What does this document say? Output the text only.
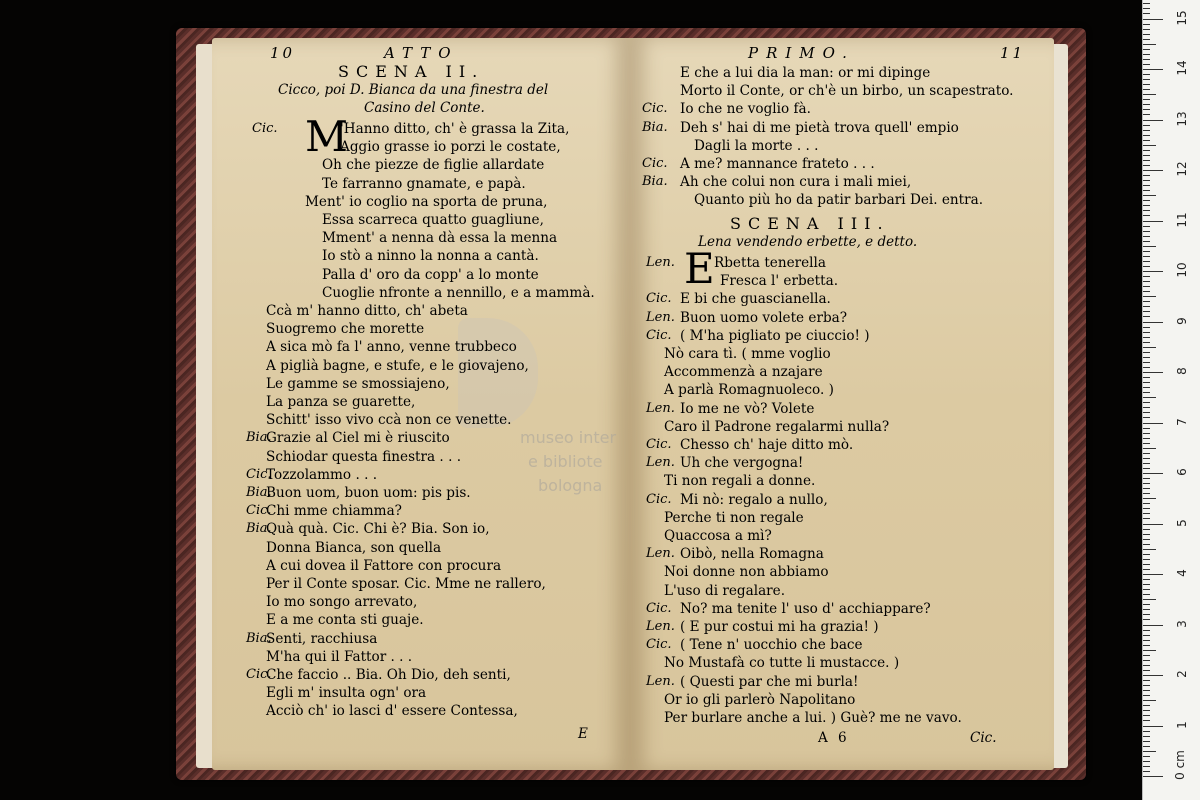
museo inter
e bibliote
bologna
10	ATTO
SCENA II.
Cicco, poi D. Bianca da una finestra del
Casino del Conte.
M
Cic.	'Hanno ditto, ch' è grassa la Zita,
Aggio grasse io porzi le costate,
Oh che piezze de figlie allardate
Te farranno gnamate, e papà.
Ment' io coglio na sporta de pruna,
Essa scarreca quatto guagliune,
Mment' a nenna dà essa la menna
Io stò a ninno la nonna a cantà.
Palla d' oro da copp' a lo monte
Cuoglie nfronte a nennillo, e a mammà.
Ccà m' hanno ditto, ch' abeta
Suogremo che morette
A sica mò fa l' anno, venne trubbeco
A piglià bagne, e stufe, e le giovajeno,
Le gamme se smossiajeno,
La panza se guarette,
Schitt' isso vivo ccà non ce venette.
Bia.
Grazie al Ciel mi è riuscito
Schiodar questa finestra . . .
Cic.
Tozzolammo . . .
Bia.
Buon uom, buon uom: pis pis.
Cic.
Chi mme chiamma?
Bia.
Quà quà. Cic. Chi è? Bia. Son io,
Donna Bianca, son quella
A cui dovea il Fattore con procura
Per il Conte sposar. Cic. Mme ne rallero,
Io mo songo arrevato,
E a me conta sti guaje.
Bia.
Senti, racchiusa
M'ha qui il Fattor . . .
Cic.
Che faccio .. Bia. Oh Dio, deh senti,
Egli m' insulta ogn' ora
Acciò ch' io lasci d' essere Contessa,
E
PRIMO.	11
E che a lui dia la man: or mi dipinge
Morto il Conte, or ch'è un birbo, un scapestrato.
Cic. Io che ne voglio fà.
Bia. Deh s' hai di me pietà trova quell' empio
Dagli la morte . . .
Cic. A me? mannance frateto . . .
Bia. Ah che colui non cura i mali miei,
Quanto più ho da patir barbari Dei. entra.
SCENA III.
Lena vendendo erbette, e detto.
E
Len.	Rbetta tenerella
Fresca l' erbetta.
Cic. E bi che guascianella.
Len. Buon uomo volete erba?
Cic. ( M'ha pigliato pe ciuccio! )
Nò cara tì. ( mme voglio
Accommenzà a nzajare
A parlà Romagnuoleco. )
Len. Io me ne vò? Volete
Caro il Padrone regalarmi nulla?
Cic. Chesso ch' haje ditto mò.
Len. Uh che vergogna!
Ti non regali a donne.
Cic. Mi nò: regalo a nullo,
Perche ti non regale
Quaccosa a mì?
Len. Oibò, nella Romagna
Noi donne non abbiamo
L'uso di regalare.
Cic. No? ma tenite l' uso d' acchiappare?
Len. ( E pur costui mi ha grazia! )
Cic. ( Tene n' uocchio che bace
No Mustafà co tutte li mustacce. )
Len. ( Questi par che mi burla!
Or io gli parlerò Napolitano
Per burlare anche a lui. ) Guè? me ne vavo.
A 6	Cic.
0 cm
1
2
3
4
5
6
7
8
9
10
11
12
13
14
15
